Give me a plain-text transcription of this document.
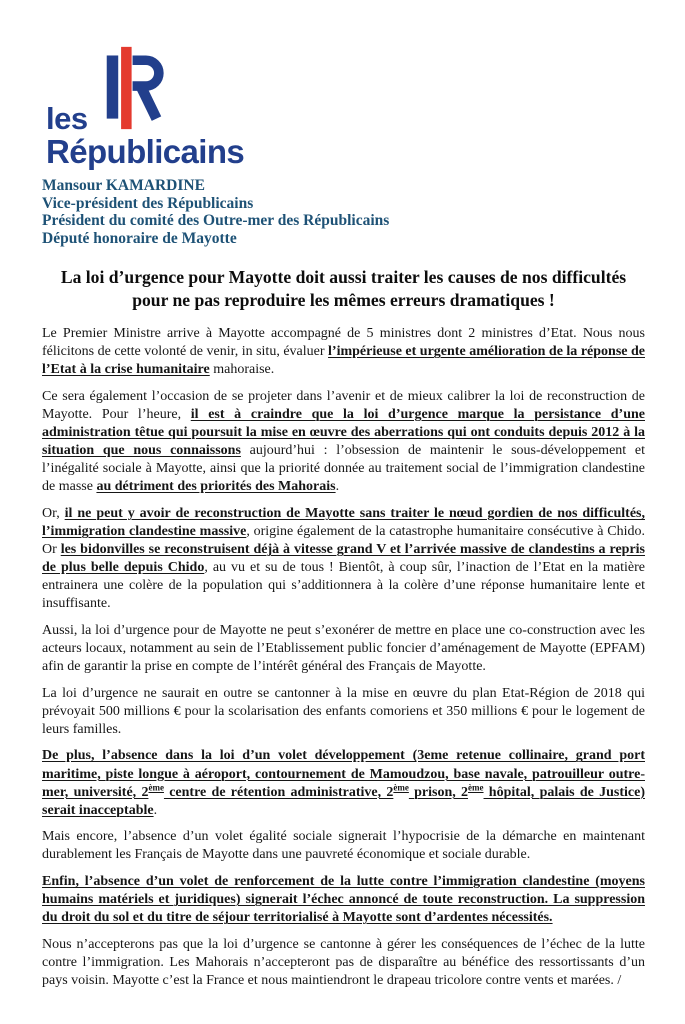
les
Républicains
Mansour KAMARDINE
Vice-président des Républicains
Président du comité des Outre-mer des Républicains
Député honoraire de Mayotte
La loi d’urgence pour Mayotte doit aussi traiter les causes de nos difficultés pour ne pas reproduire les mêmes erreurs dramatiques !

Le Premier Ministre arrive à Mayotte accompagné de 5 ministres dont 2 ministres d’Etat. Nous nous félicitons de cette volonté de venir, in situ, évaluer l’impérieuse et urgente amélioration de la réponse de l’Etat à la crise humanitaire mahoraise.

Ce sera également l’occasion de se projeter dans l’avenir et de mieux calibrer la loi de reconstruction de Mayotte. Pour l’heure, il est à craindre que la loi d’urgence marque la persistance d’une administration têtue qui poursuit la mise en œuvre des aberrations qui ont conduits depuis 2012 à la situation que nous connaissons aujourd’hui : l’obsession de maintenir le sous-développement et l’inégalité sociale à Mayotte, ainsi que la priorité donnée au traitement social de l’immigration clandestine de masse au détriment des priorités des Mahorais.

Or, il ne peut y avoir de reconstruction de Mayotte sans traiter le nœud gordien de nos difficultés, l’immigration clandestine massive, origine également de la catastrophe humanitaire consécutive à Chido. Or les bidonvilles se reconstruisent déjà à vitesse grand V et l’arrivée massive de clandestins a repris de plus belle depuis Chido, au vu et su de tous ! Bientôt, à coup sûr, l’inaction de l’Etat en la matière entrainera une colère de la population qui s’additionnera à la colère d’une réponse humanitaire lente et insuffisante.

Aussi, la loi d’urgence pour de Mayotte ne peut s’exonérer de mettre en place une co-construction avec les acteurs locaux, notamment au sein de l’Etablissement public foncier d’aménagement de Mayotte (EPFAM) afin de garantir la prise en compte de l’intérêt général des Français de Mayotte.

La loi d’urgence ne saurait en outre se cantonner à la mise en œuvre du plan Etat-Région de 2018 qui prévoyait 500 millions € pour la scolarisation des enfants comoriens et 350 millions € pour le logement de leurs familles.

De plus, l’absence dans la loi d’un volet développement (3eme retenue collinaire, grand port maritime, piste longue à aéroport, contournement de Mamoudzou, base navale, patrouilleur outre-mer, université, 2ème centre de rétention administrative, 2ème prison, 2ème hôpital, palais de Justice) serait inacceptable.

Mais encore, l’absence d’un volet égalité sociale signerait l’hypocrisie de la démarche en maintenant durablement les Français de Mayotte dans une pauvreté économique et sociale durable.

Enfin, l’absence d’un volet de renforcement de la lutte contre l’immigration clandestine (moyens humains matériels et juridiques) signerait l’échec annoncé de toute reconstruction. La suppression du droit du sol et du titre de séjour territorialisé à Mayotte sont d’ardentes nécessités.

Nous n’accepterons pas que la loi d’urgence se cantonne à gérer les conséquences de l’échec de la lutte contre l’immigration. Les Mahorais n’accepteront pas de disparaître au bénéfice des ressortissants d’un pays voisin. Mayotte c’est la France et nous maintiendront le drapeau tricolore contre vents et marées. /
